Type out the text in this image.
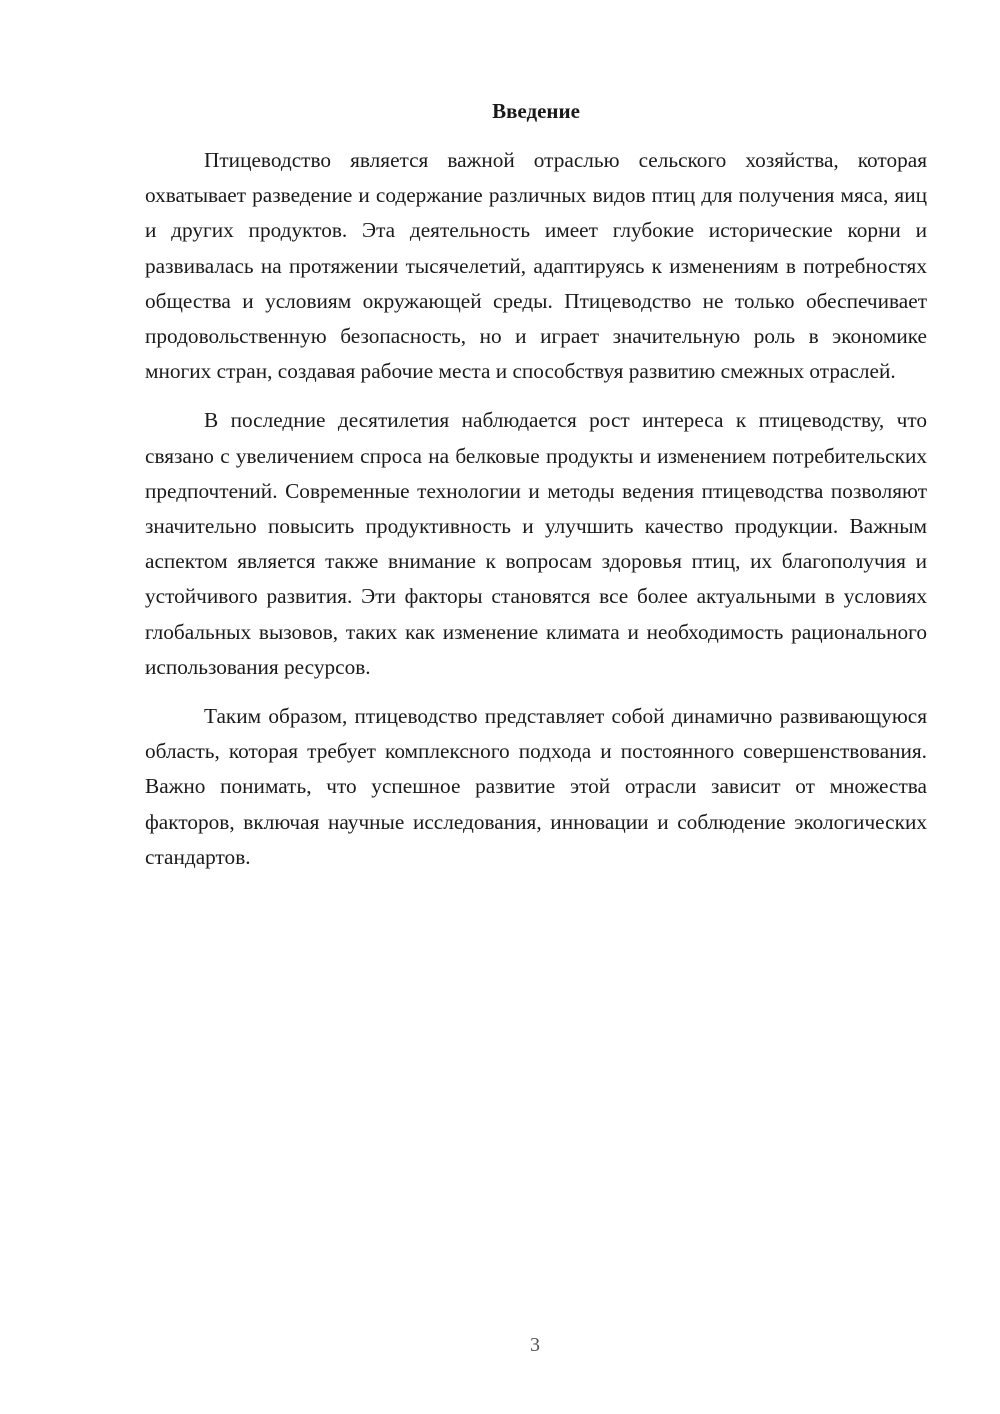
Введение

Птицеводство является важной отраслью сельского хозяйства, которая охватывает разведение и содержание различных видов птиц для получения мяса, яиц и других продуктов. Эта деятельность имеет глубокие исторические корни и развивалась на протяжении тысячелетий, адаптируясь к изменениям в потребностях общества и условиям окружающей среды. Птицеводство не только обеспечивает продовольственную безопасность, но и играет значительную роль в экономике многих стран, создавая рабочие места и способствуя развитию смежных отраслей.

В последние десятилетия наблюдается рост интереса к птицеводству, что связано с увеличением спроса на белковые продукты и изменением потребительских предпочтений. Современные технологии и методы ведения птицеводства позволяют значительно повысить продуктивность и улучшить качество продукции. Важным аспектом является также внимание к вопросам здоровья птиц, их благополучия и устойчивого развития. Эти факторы становятся все более актуальными в условиях глобальных вызовов, таких как изменение климата и необходимость рационального использования ресурсов.

Таким образом, птицеводство представляет собой динамично развивающуюся область, которая требует комплексного подхода и постоянного совершенствования. Важно понимать, что успешное развитие этой отрасли зависит от множества факторов, включая научные исследования, инновации и соблюдение экологических стандартов.

3
